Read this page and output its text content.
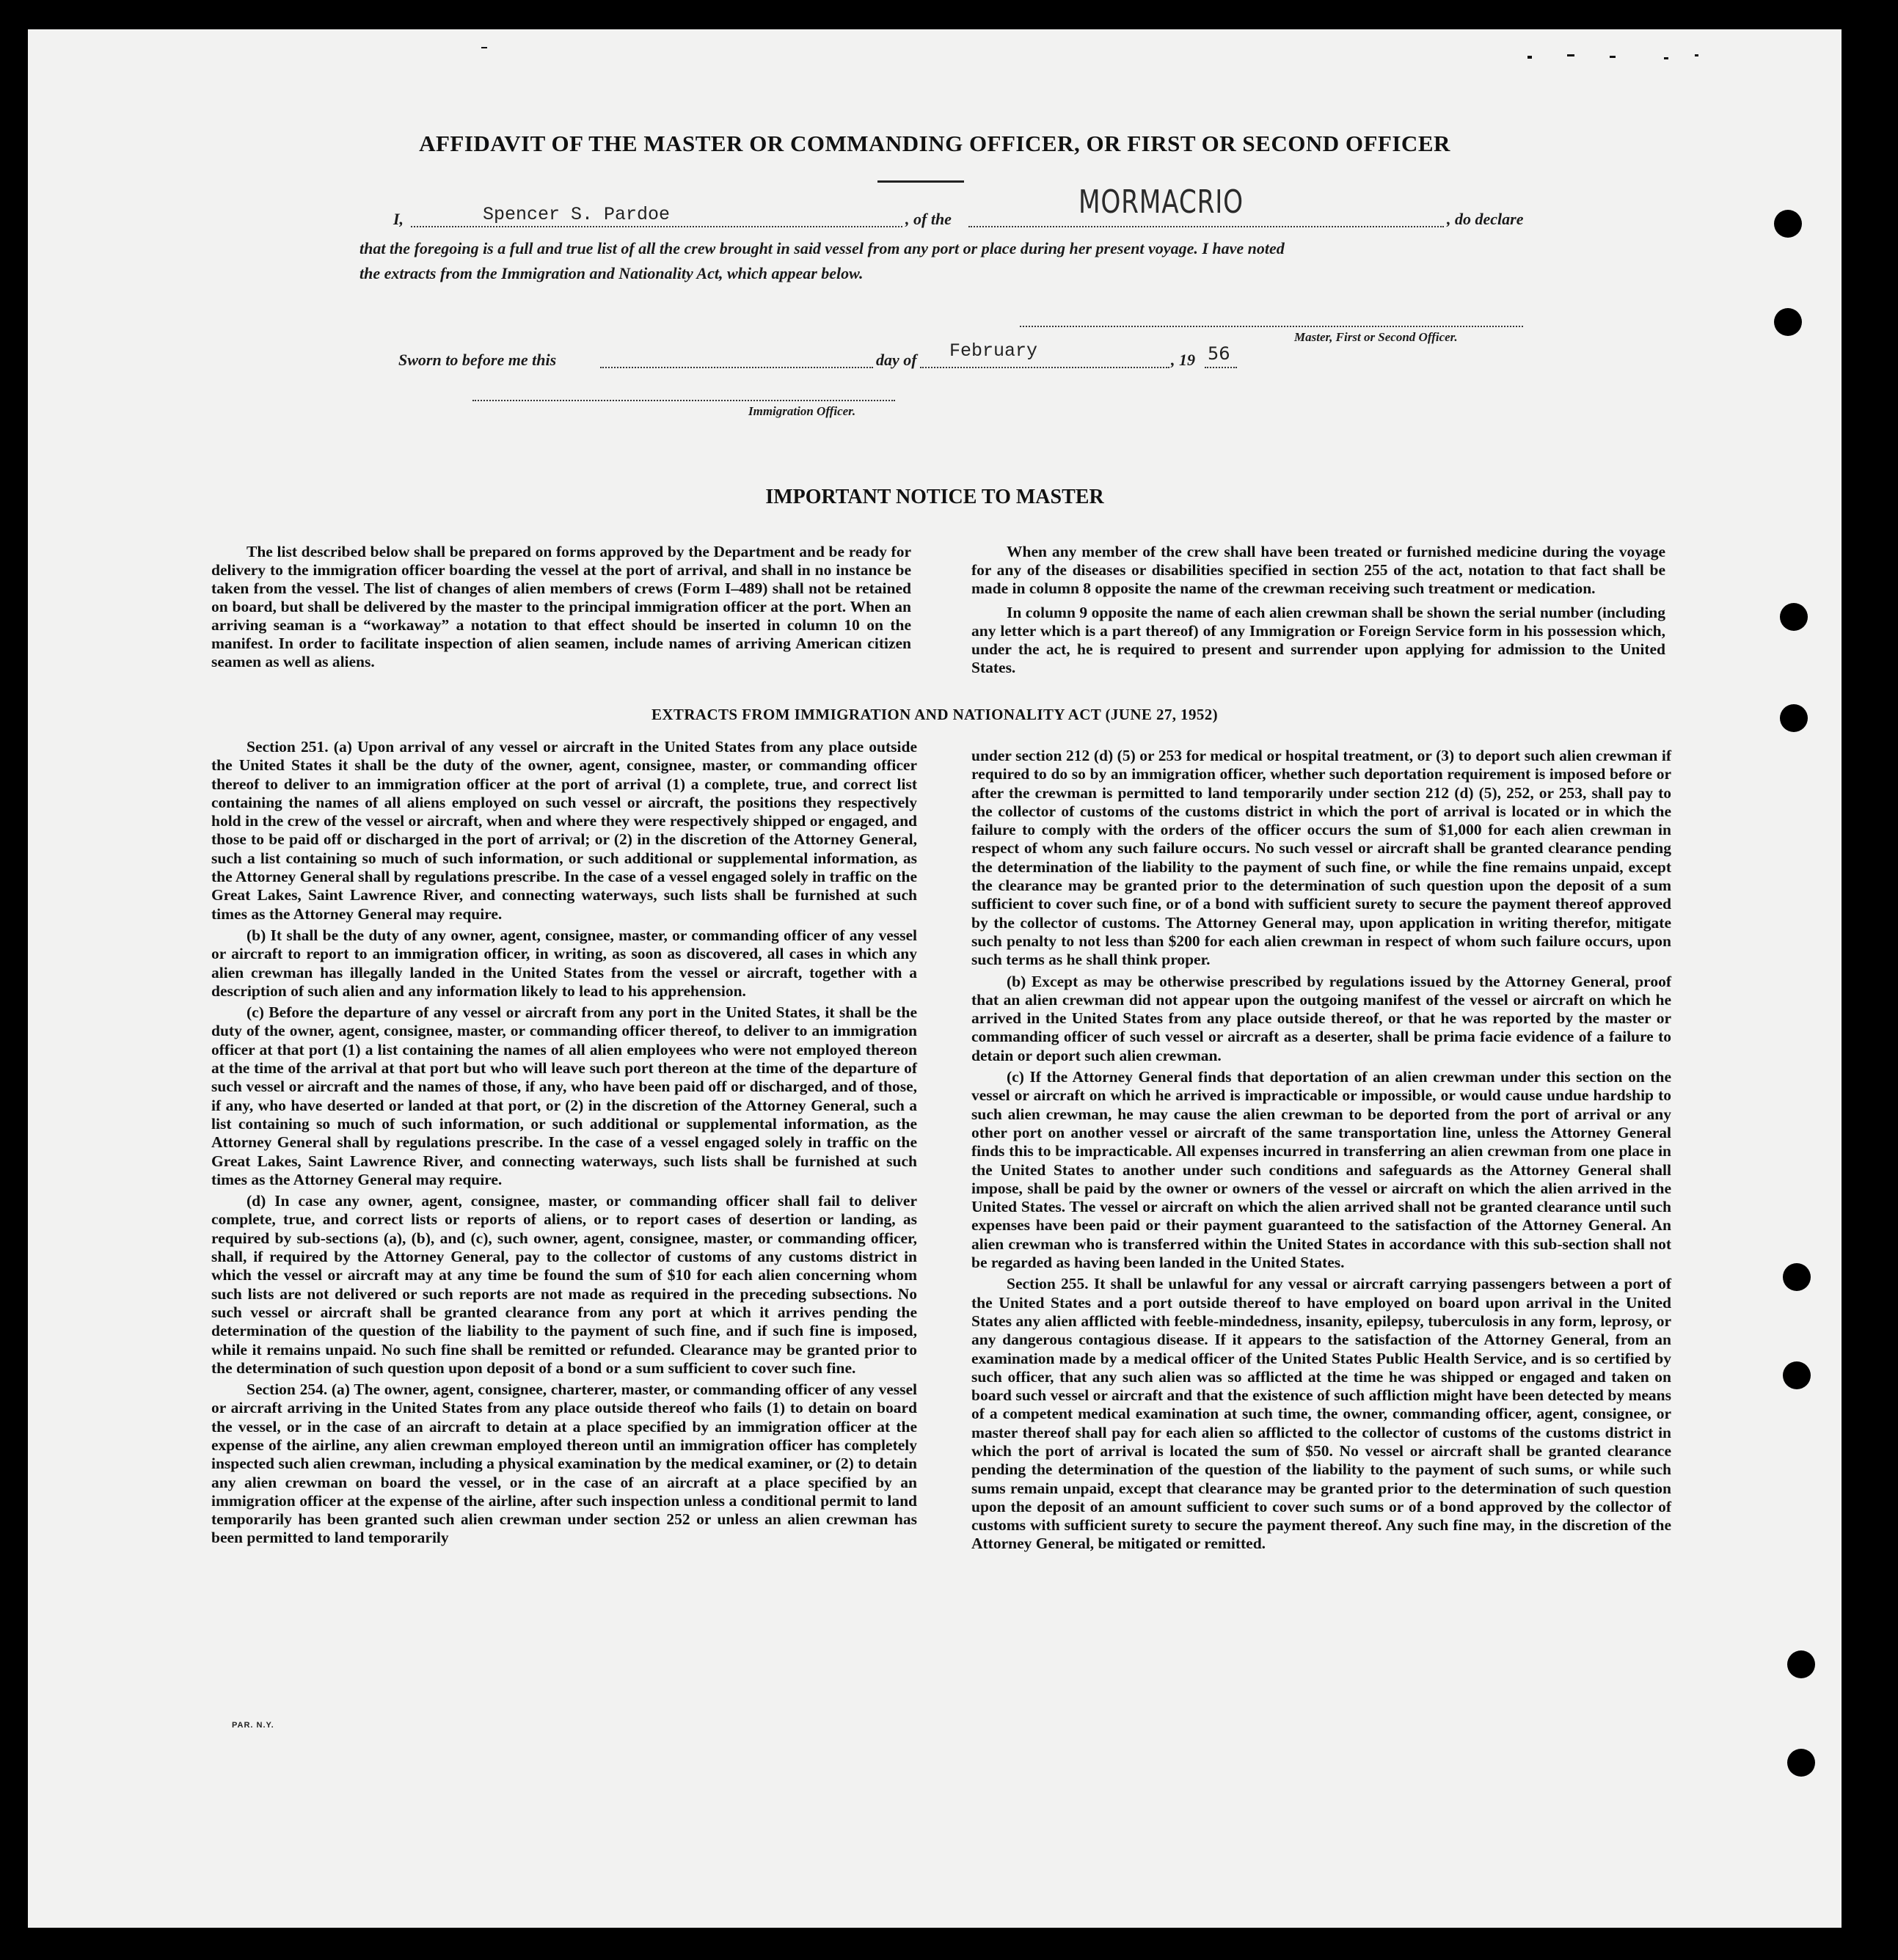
AFFIDAVIT OF THE MASTER OR COMMANDING OFFICER, OR FIRST OR SECOND OFFICER
I,	Spencer S. Pardoe	, of the	MORMACRIO	, do declare
that the foregoing is a full and true list of all the crew brought in said vessel from any port or place during her present voyage. I have noted
the extracts from the Immigration and Nationality Act, which appear below.
Master, First or Second Officer.
Sworn to before me this	day of February	, 19 56
Immigration Officer.
IMPORTANT NOTICE TO MASTER

The list described below shall be prepared on forms approved by the Department and be ready for delivery to the immigration officer boarding the vessel at the port of arrival, and shall in no instance be taken from the vessel. The list of changes of alien members of crews (Form I–489) shall not be retained on board, but shall be delivered by the master to the principal immigration officer at the port. When an arriving seaman is a “workaway” a notation to that effect should be inserted in column 10 on the manifest. In order to facilitate inspection of alien seamen, include names of arriving American citizen seamen as well as aliens.

When any member of the crew shall have been treated or furnished medicine during the voyage for any of the diseases or disabilities specified in section 255 of the act, notation to that fact shall be made in column 8 opposite the name of the crewman receiving such treatment or medication.

In column 9 opposite the name of each alien crewman shall be shown the serial number (including any letter which is a part thereof) of any Immigration or Foreign Service form in his possession which, under the act, he is required to present and surrender upon applying for admission to the United States.

EXTRACTS FROM IMMIGRATION AND NATIONALITY ACT (JUNE 27, 1952)

Section 251. (a) Upon arrival of any vessel or aircraft in the United States from any place outside the United States it shall be the duty of the owner, agent, consignee, master, or commanding officer thereof to deliver to an immigration officer at the port of arrival (1) a complete, true, and correct list containing the names of all aliens employed on such vessel or aircraft, the positions they respectively hold in the crew of the vessel or aircraft, when and where they were respectively shipped or engaged, and those to be paid off or discharged in the port of arrival; or (2) in the discretion of the Attorney General, such a list containing so much of such information, or such additional or supplemental information, as the Attorney General shall by regulations prescribe. In the case of a vessel engaged solely in traffic on the Great Lakes, Saint Lawrence River, and connecting waterways, such lists shall be furnished at such times as the Attorney General may require.

(b) It shall be the duty of any owner, agent, consignee, master, or commanding officer of any vessel or aircraft to report to an immigration officer, in writing, as soon as discovered, all cases in which any alien crewman has illegally landed in the United States from the vessel or aircraft, together with a description of such alien and any information likely to lead to his apprehension.

(c) Before the departure of any vessel or aircraft from any port in the United States, it shall be the duty of the owner, agent, consignee, master, or commanding officer thereof, to deliver to an immigration officer at that port (1) a list containing the names of all alien employees who were not employed thereon at the time of the arrival at that port but who will leave such port thereon at the time of the departure of such vessel or aircraft and the names of those, if any, who have been paid off or discharged, and of those, if any, who have deserted or landed at that port, or (2) in the discretion of the Attorney General, such a list containing so much of such information, or such additional or supplemental information, as the Attorney General shall by regulations prescribe. In the case of a vessel engaged solely in traffic on the Great Lakes, Saint Lawrence River, and connecting waterways, such lists shall be furnished at such times as the Attorney General may require.

(d) In case any owner, agent, consignee, master, or commanding officer shall fail to deliver complete, true, and correct lists or reports of aliens, or to report cases of desertion or landing, as required by sub-sections (a), (b), and (c), such owner, agent, consignee, master, or commanding officer, shall, if required by the Attorney General, pay to the collector of customs of any customs district in which the vessel or aircraft may at any time be found the sum of $10 for each alien concerning whom such lists are not delivered or such reports are not made as required in the preceding subsections. No such vessel or aircraft shall be granted clearance from any port at which it arrives pending the determination of the question of the liability to the payment of such fine, and if such fine is imposed, while it remains unpaid. No such fine shall be remitted or refunded. Clearance may be granted prior to the determination of such question upon deposit of a bond or a sum sufficient to cover such fine.

Section 254. (a) The owner, agent, consignee, charterer, master, or commanding officer of any vessel or aircraft arriving in the United States from any place outside thereof who fails (1) to detain on board the vessel, or in the case of an aircraft to detain at a place specified by an immigration officer at the expense of the airline, any alien crewman employed thereon until an immigration officer has completely inspected such alien crewman, including a physical examination by the medical examiner, or (2) to detain any alien crewman on board the vessel, or in the case of an aircraft at a place specified by an immigration officer at the expense of the airline, after such inspection unless a conditional permit to land temporarily has been granted such alien crewman under section 252 or unless an alien crewman has been permitted to land temporarily

under section 212 (d) (5) or 253 for medical or hospital treatment, or (3) to deport such alien crewman if required to do so by an immigration officer, whether such deportation requirement is imposed before or after the crewman is permitted to land temporarily under section 212 (d) (5), 252, or 253, shall pay to the collector of customs of the customs district in which the port of arrival is located or in which the failure to comply with the orders of the officer occurs the sum of $1,000 for each alien crewman in respect of whom any such failure occurs. No such vessel or aircraft shall be granted clearance pending the determination of the liability to the payment of such fine, or while the fine remains unpaid, except the clearance may be granted prior to the determination of such question upon the deposit of a sum sufficient to cover such fine, or of a bond with sufficient surety to secure the payment thereof approved by the collector of customs. The Attorney General may, upon application in writing therefor, mitigate such penalty to not less than $200 for each alien crewman in respect of whom such failure occurs, upon such terms as he shall think proper.

(b) Except as may be otherwise prescribed by regulations issued by the Attorney General, proof that an alien crewman did not appear upon the outgoing manifest of the vessel or aircraft on which he arrived in the United States from any place outside thereof, or that he was reported by the master or commanding officer of such vessel or aircraft as a deserter, shall be prima facie evidence of a failure to detain or deport such alien crewman.

(c) If the Attorney General finds that deportation of an alien crewman under this section on the vessel or aircraft on which he arrived is impracticable or impossible, or would cause undue hardship to such alien crewman, he may cause the alien crewman to be deported from the port of arrival or any other port on another vessel or aircraft of the same transportation line, unless the Attorney General finds this to be impracticable. All expenses incurred in transferring an alien crewman from one place in the United States to another under such conditions and safeguards as the Attorney General shall impose, shall be paid by the owner or owners of the vessel or aircraft on which the alien arrived in the United States. The vessel or aircraft on which the alien arrived shall not be granted clearance until such expenses have been paid or their payment guaranteed to the satisfaction of the Attorney General. An alien crewman who is transferred within the United States in accordance with this sub-section shall not be regarded as having been landed in the United States.

Section 255. It shall be unlawful for any vessal or aircraft carrying passengers between a port of the United States and a port outside thereof to have employed on board upon arrival in the United States any alien afflicted with feeble-mindedness, insanity, epilepsy, tuberculosis in any form, leprosy, or any dangerous contagious disease. If it appears to the satisfaction of the Attorney General, from an examination made by a medical officer of the United States Public Health Service, and is so certified by such officer, that any such alien was so afflicted at the time he was shipped or engaged and taken on board such vessel or aircraft and that the existence of such affliction might have been detected by means of a competent medical examination at such time, the owner, commanding officer, agent, consignee, or master thereof shall pay for each alien so afflicted to the collector of customs of the customs district in which the port of arrival is located the sum of $50. No vessel or aircraft shall be granted clearance pending the determination of the question of the liability to the payment of such sums, or while such sums remain unpaid, except that clearance may be granted prior to the determination of such question upon the deposit of an amount sufficient to cover such sums or of a bond approved by the collector of customs with sufficient surety to secure the payment thereof. Any such fine may, in the discretion of the Attorney General, be mitigated or remitted.

PAR. N.Y.
